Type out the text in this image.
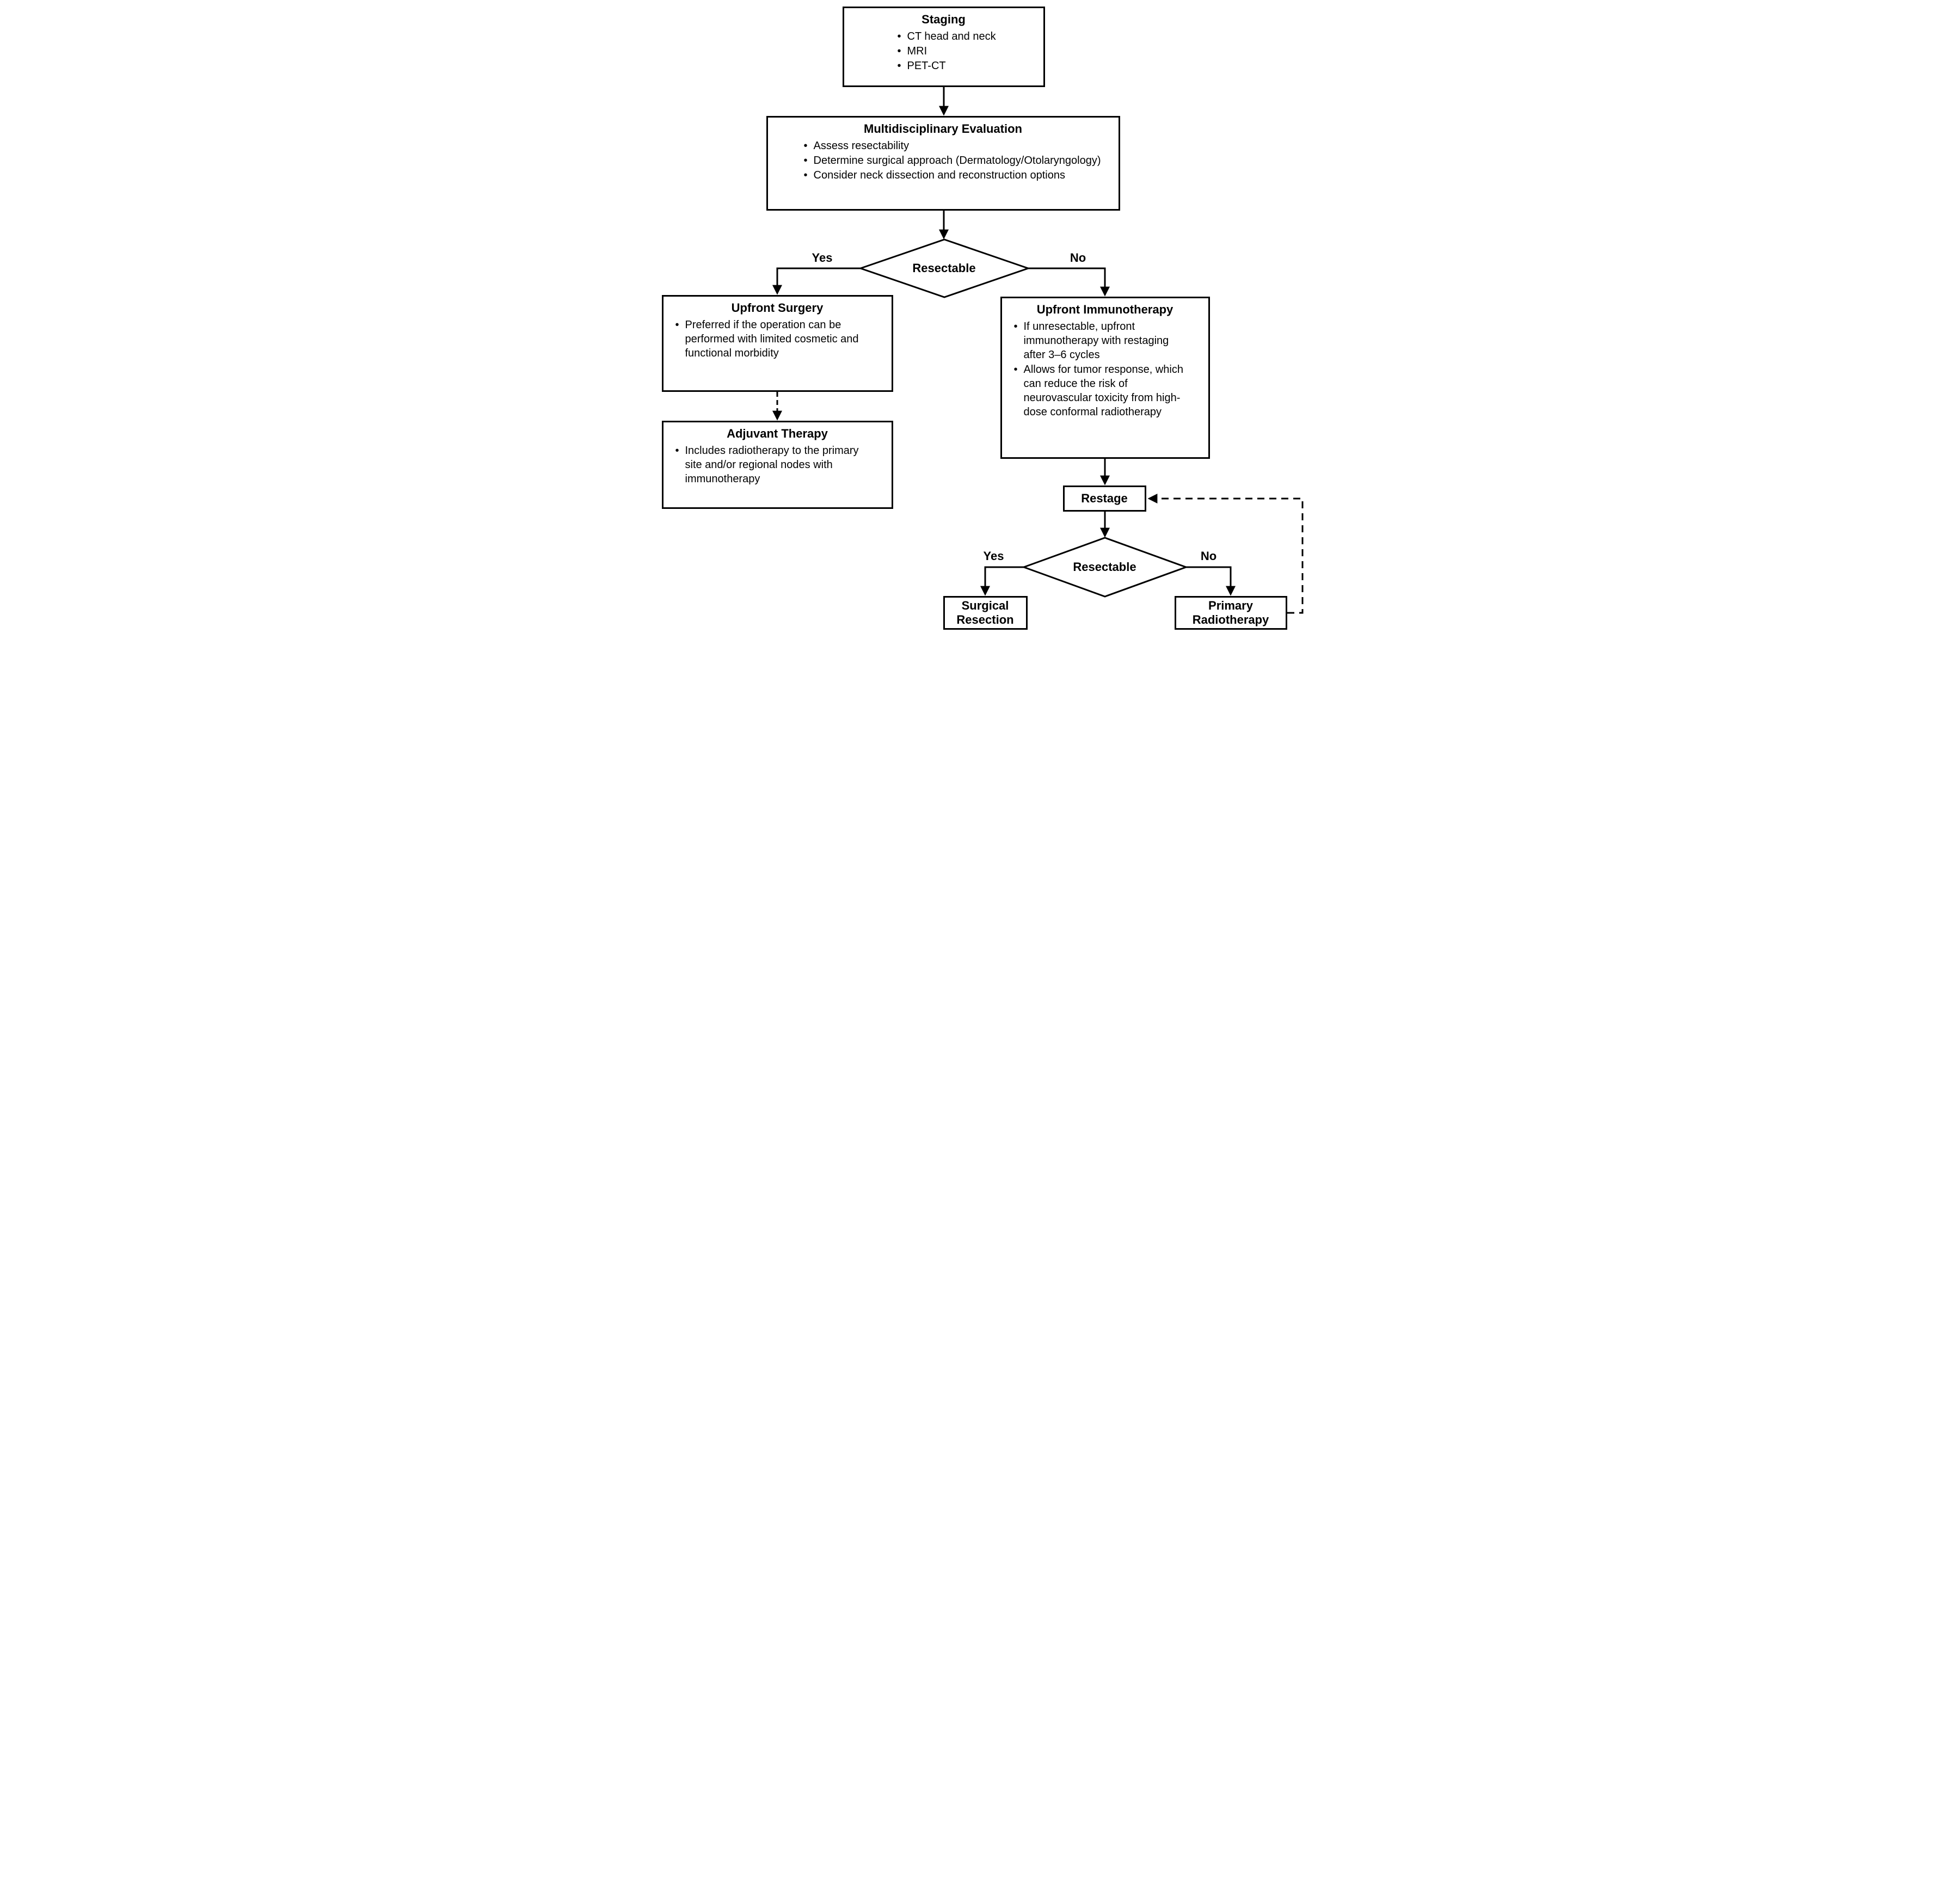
Staging
• CT head and neck
• MRI
• PET-CT
Multidisciplinary Evaluation
• Assess resectability
• Determine surgical approach (Dermatology/Otolaryngology)
• Consider neck dissection and reconstruction options
Resectable
Yes	No
Upfront Surgery
• Preferred if the operation can be performed with limited cosmetic and functional morbidity
Adjuvant Therapy
• Includes radiotherapy to the primary site and/or regional nodes with immunotherapy
Upfront Immunotherapy
• If unresectable, upfront immunotherapy with restaging after 3–6 cycles
• Allows for tumor response, which can reduce the risk of neurovascular toxicity from high-dose conformal radiotherapy
Restage
Resectable
Yes	No
Surgical Resection
Primary Radiotherapy
